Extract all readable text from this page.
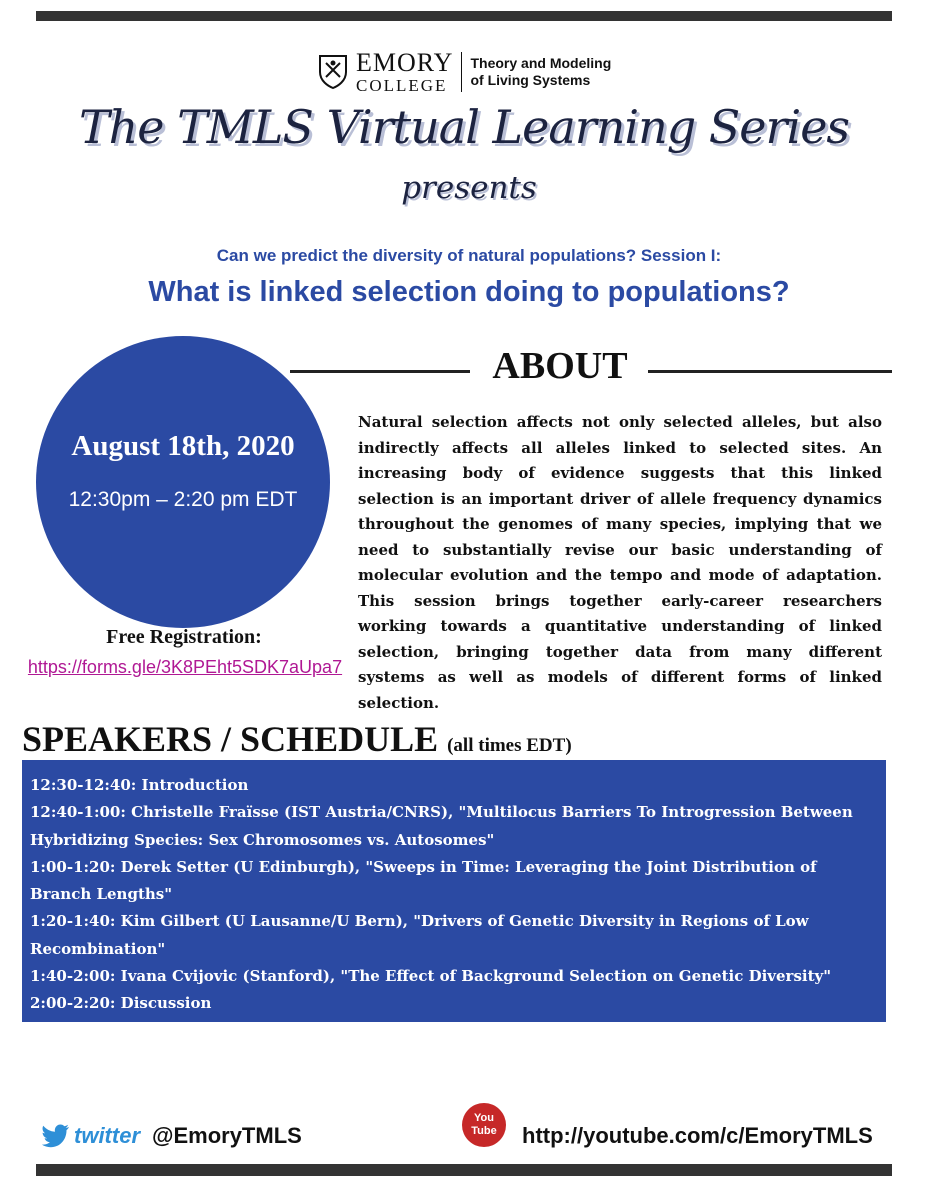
EMORY
COLLEGE
Theory and Modeling
of Living Systems
The TMLS Virtual Learning Series
presents
Can we predict the diversity of natural populations? Session I:
What is linked selection doing to populations?
ABOUT
August 18th, 2020
12:30pm – 2:20 pm EDT
Free Registration:
https://forms.gle/3K8PEht5SDK7aUpa7

Natural selection affects not only selected alleles, but also indirectly affects all alleles linked to selected sites. An increasing body of evidence suggests that this linked selection is an important driver of allele frequency dynamics throughout the genomes of many species, implying that we need to substantially revise our basic understanding of molecular evolution and the tempo and mode of adaptation. This session brings together early-career researchers working towards a quantitative understanding of linked selection, bringing together data from many different systems as well as models of different forms of linked selection.

SPEAKERS / SCHEDULE (all times EDT)

12:30-12:40: Introduction

12:40-1:00: Christelle Fraïsse (IST Austria/CNRS), "Multilocus Barriers To Introgression Between Hybridizing Species: Sex Chromosomes vs. Autosomes"

1:00-1:20: Derek Setter (U Edinburgh), "Sweeps in Time: Leveraging the Joint Distribution of Branch Lengths"

1:20-1:40: Kim Gilbert (U Lausanne/U Bern), "Drivers of Genetic Diversity in Regions of Low Recombination"

1:40-2:00: Ivana Cvijovic (Stanford), "The Effect of Background Selection on Genetic Diversity"

2:00-2:20: Discussion

twitter @EmoryTMLS
You
Tube	http://youtube.com/c/EmoryTMLS
